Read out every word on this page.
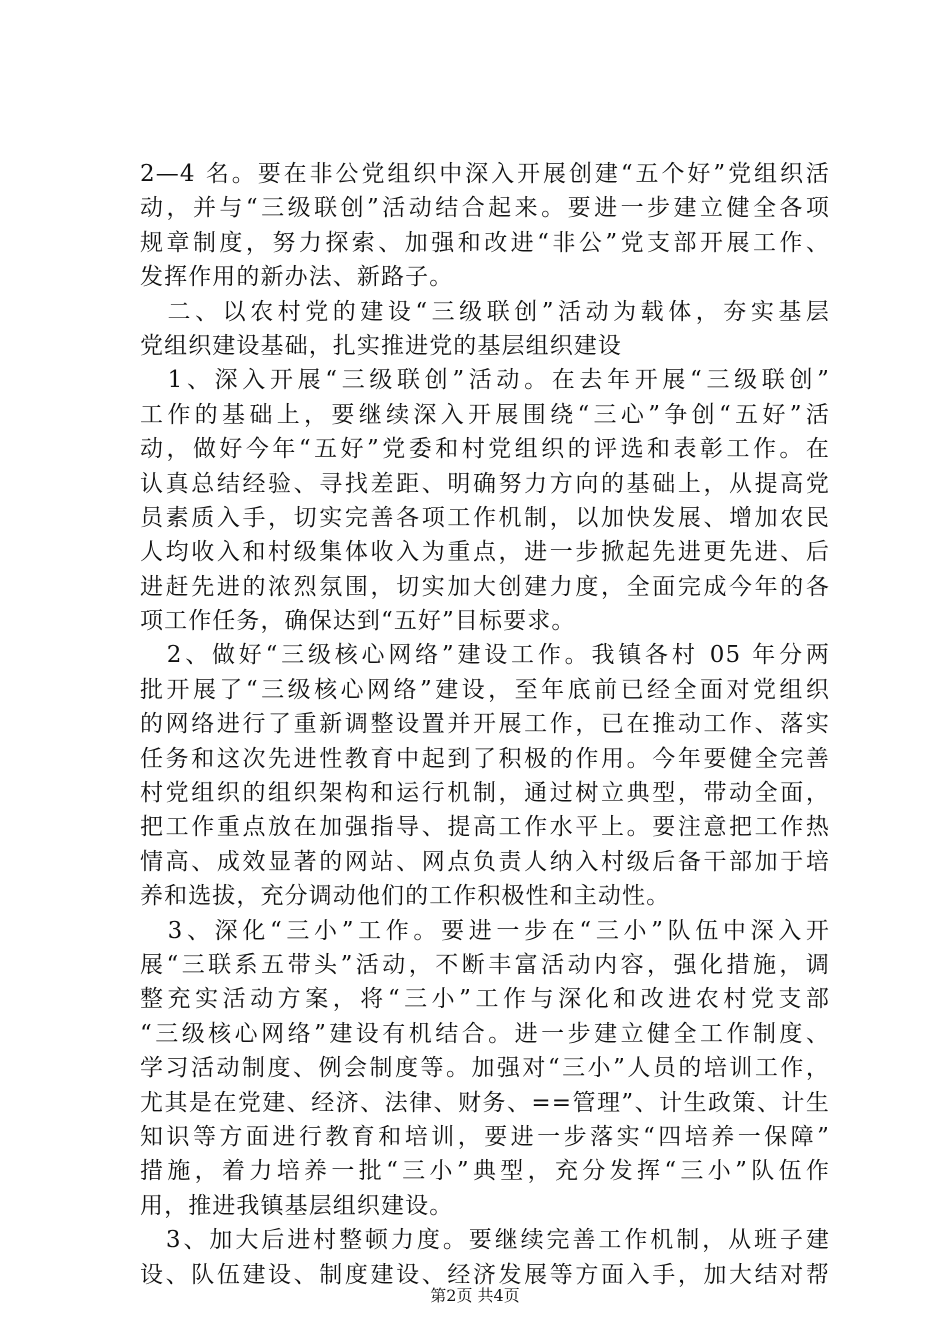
2—4 名。要在非公党组织中深入开展创建“五个好”党组织活
动，并与“三级联创”活动结合起来。要进一步建立健全各项
规章制度，努力探索、加强和改进“非公”党支部开展工作、
发挥作用的新办法、新路子。
　二、以农村党的建设“三级联创”活动为载体，夯实基层
党组织建设基础，扎实推进党的基层组织建设
　1、深入开展“三级联创”活动。在去年开展“三级联创”
工作的基础上，要继续深入开展围绕“三心”争创“五好”活
动，做好今年“五好”党委和村党组织的评选和表彰工作。在
认真总结经验、寻找差距、明确努力方向的基础上，从提高党
员素质入手，切实完善各项工作机制，以加快发展、增加农民
人均收入和村级集体收入为重点，进一步掀起先进更先进、后
进赶先进的浓烈氛围，切实加大创建力度，全面完成今年的各
项工作任务，确保达到“五好”目标要求。
　2、做好“三级核心网络”建设工作。我镇各村 05 年分两
批开展了“三级核心网络”建设，至年底前已经全面对党组织
的网络进行了重新调整设置并开展工作，已在推动工作、落实
任务和这次先进性教育中起到了积极的作用。今年要健全完善
村党组织的组织架构和运行机制，通过树立典型，带动全面，
把工作重点放在加强指导、提高工作水平上。要注意把工作热
情高、成效显著的网站、网点负责人纳入村级后备干部加于培
养和选拔，充分调动他们的工作积极性和主动性。
　3、深化“三小”工作。要进一步在“三小”队伍中深入开
展“三联系五带头”活动，不断丰富活动内容，强化措施，调
整充实活动方案，将“三小”工作与深化和改进农村党支部
“三级核心网络”建设有机结合。进一步建立健全工作制度、
学习活动制度、例会制度等。加强对“三小”人员的培训工作，
尤其是在党建、经济、法律、财务、==管理”、计生政策、计生
知识等方面进行教育和培训，要进一步落实“四培养一保障”
措施，着力培养一批“三小”典型，充分发挥“三小”队伍作
用，推进我镇基层组织建设。
　3、加大后进村整顿力度。要继续完善工作机制，从班子建
设、队伍建设、制度建设、经济发展等方面入手，加大结对帮
第2页 共4页
